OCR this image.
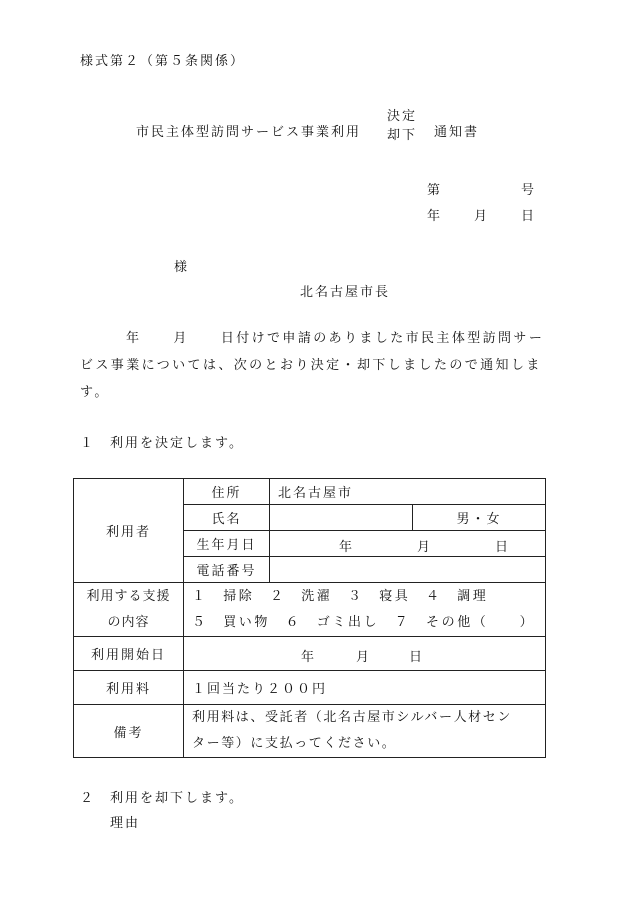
様式第２（第５条関係）
市民主体型訪問サービス事業利用
決定
却下 通知書
第	号
年 月 日
様
北名古屋市長
年 月 日付けで申請のありました市民主体型訪問サービス事業については、次のとおり決定・却下しましたので通知します。
１　利用を決定します。
利用者	住所	北名古屋市	
	氏名		男・女
	生年月日	年 月 日	

	電話番号		

利用する支援
の内容	１　掃除　２　洗濯　３　寝具　４　調理
５　買い物　６　ゴミ出し　７　その他（　　）		

利用開始日	年 月 日		

利用料	１回当たり２００円		
備考	利用料は、受託者（北名古屋市シルバー人材セン
ター等）に支払ってください。		
２　利用を却下します。
理由
